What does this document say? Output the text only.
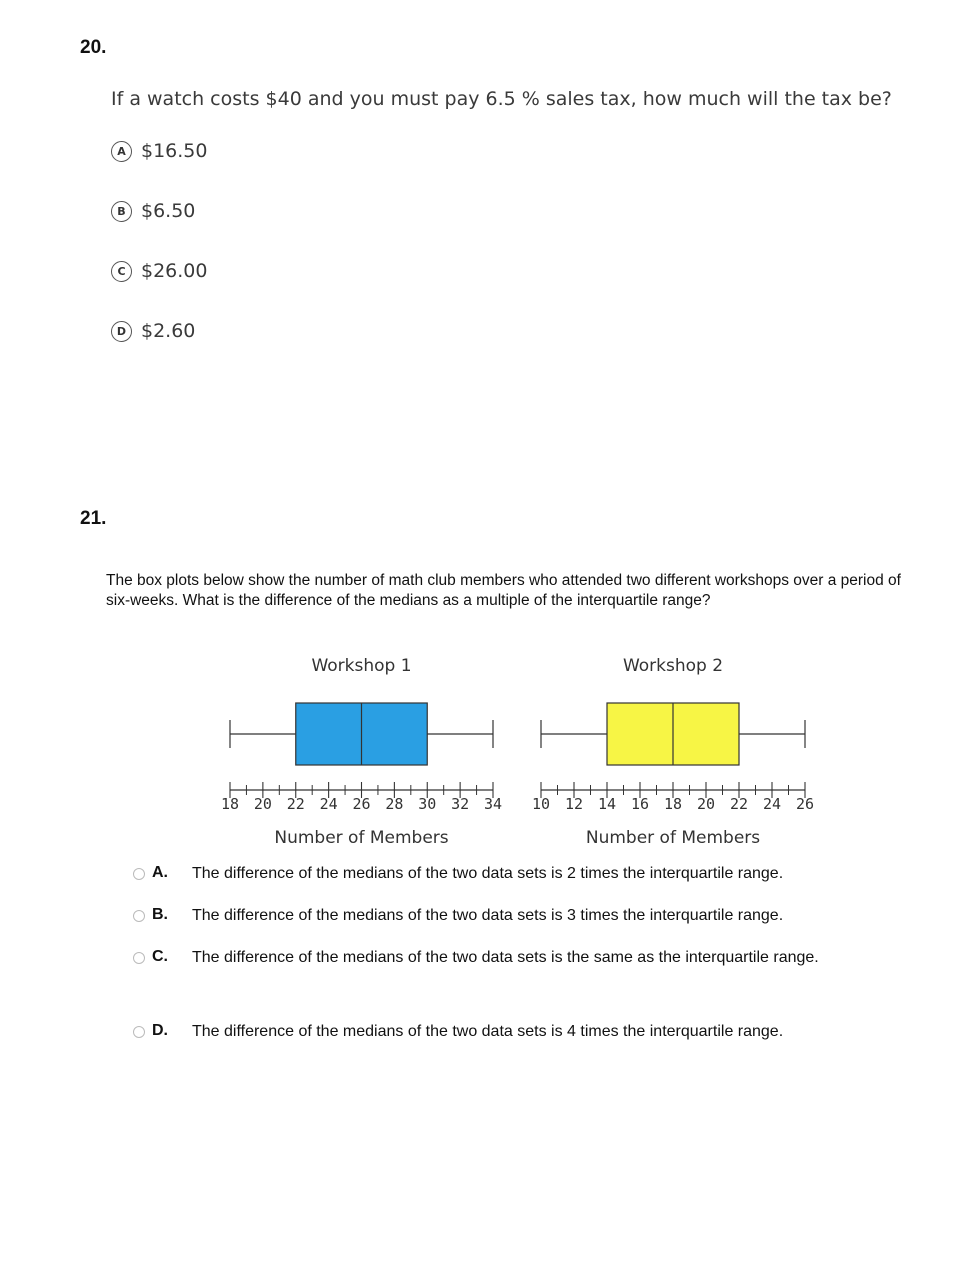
20.
If a watch costs $40 and you must pay 6.5 % sales tax, how much will the tax be?
A $16.50
B $6.50
C $26.00
D $2.60
21.
The box plots below show the number of math club members who attended two different workshops over a period of six-weeks. What is the difference of the medians as a multiple of the interquartile range?
Workshop 1
18 20 22 24 26 28 30 32 34
Number of Members
Workshop 2
10 12 14 16 18 20 22 24 26
Number of Members
A.	The difference of the medians of the two data sets is 2 times the interquartile range.
B.	The difference of the medians of the two data sets is 3 times the interquartile range.
C.	The difference of the medians of the two data sets is the same as the interquartile range.
D.	The difference of the medians of the two data sets is 4 times the interquartile range.
